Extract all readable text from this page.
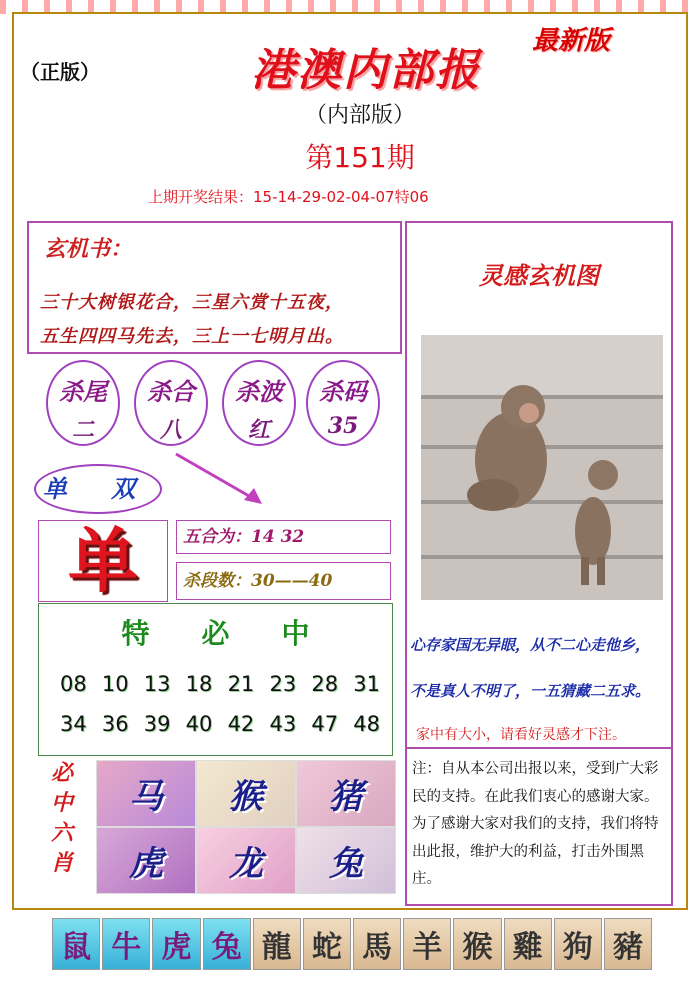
（正版）	港澳内部报
最新版
（内部版）
第151期
上期开奖结果：15-14-29-02-04-07特06
玄机书：
三十大树银花合，三星六赏十五夜，
五生四四马先去，三上一七明月出。
杀尾
二
杀合
八
杀波
红
杀码
35
单 双
单	五合为：14 32
杀段数：30——40
特必中
08 10 13 18 21 23 28 31
34 36 39 40 42 43 47 48
必中六肖
马	猴	猪
虎	龙	兔
灵感玄机图
心存家国无异眼，从不二心走他乡，
不是真人不明了，一五猜藏二五求。
家中有大小，请看好灵感才下注。
注：自从本公司出报以来，受到广大彩民的支持。在此我们衷心的感谢大家。为了感谢大家对我们的支持，我们将特出此报，维护大的利益，打击外围黑庄。
鼠 牛 虎 兔 龍 蛇 馬 羊 猴 雞 狗 豬
